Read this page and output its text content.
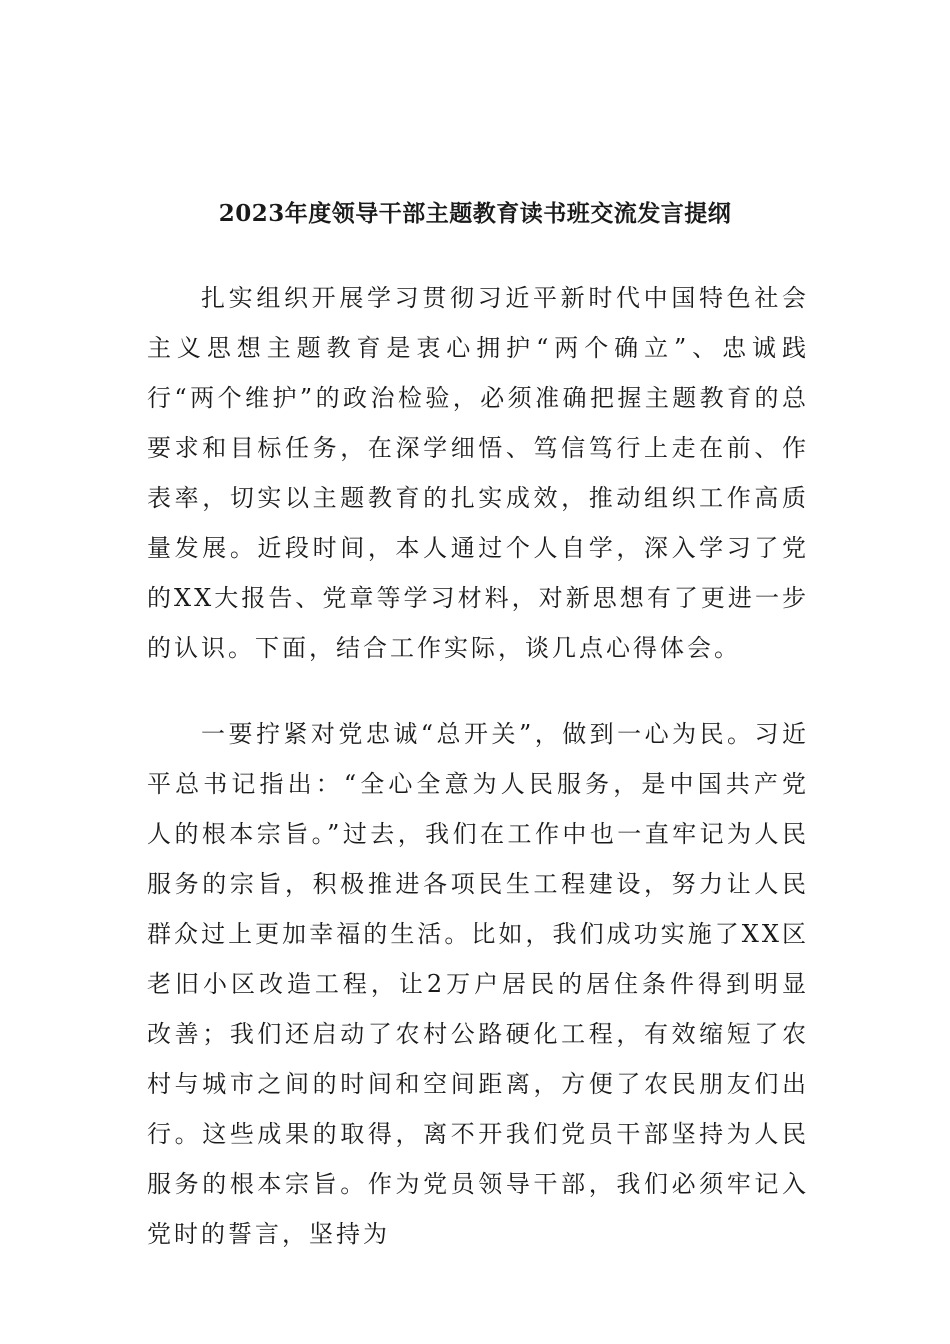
2023年度领导干部主题教育读书班交流发言提纲

扎实组织开展学习贯彻习近平新时代中国特色社会主义思想主题教育是衷心拥护“两个确立”、忠诚践行“两个维护”的政治检验，必须准确把握主题教育的总要求和目标任务，在深学细悟、笃信笃行上走在前、作表率，切实以主题教育的扎实成效，推动组织工作高质量发展。近段时间，本人通过个人自学，深入学习了党的XX大报告、党章等学习材料，对新思想有了更进一步的认识。下面，结合工作实际，谈几点心得体会。

一要拧紧对党忠诚“总开关”，做到一心为民。习近平总书记指出：“全心全意为人民服务，是中国共产党人的根本宗旨。”过去，我们在工作中也一直牢记为人民服务的宗旨，积极推进各项民生工程建设，努力让人民群众过上更加幸福的生活。比如，我们成功实施了XX区老旧小区改造工程，让2万户居民的居住条件得到明显改善；我们还启动了农村公路硬化工程，有效缩短了农村与城市之间的时间和空间距离，方便了农民朋友们出行。这些成果的取得，离不开我们党员干部坚持为人民服务的根本宗旨。作为党员领导干部，我们必须牢记入党时的誓言，坚持为
